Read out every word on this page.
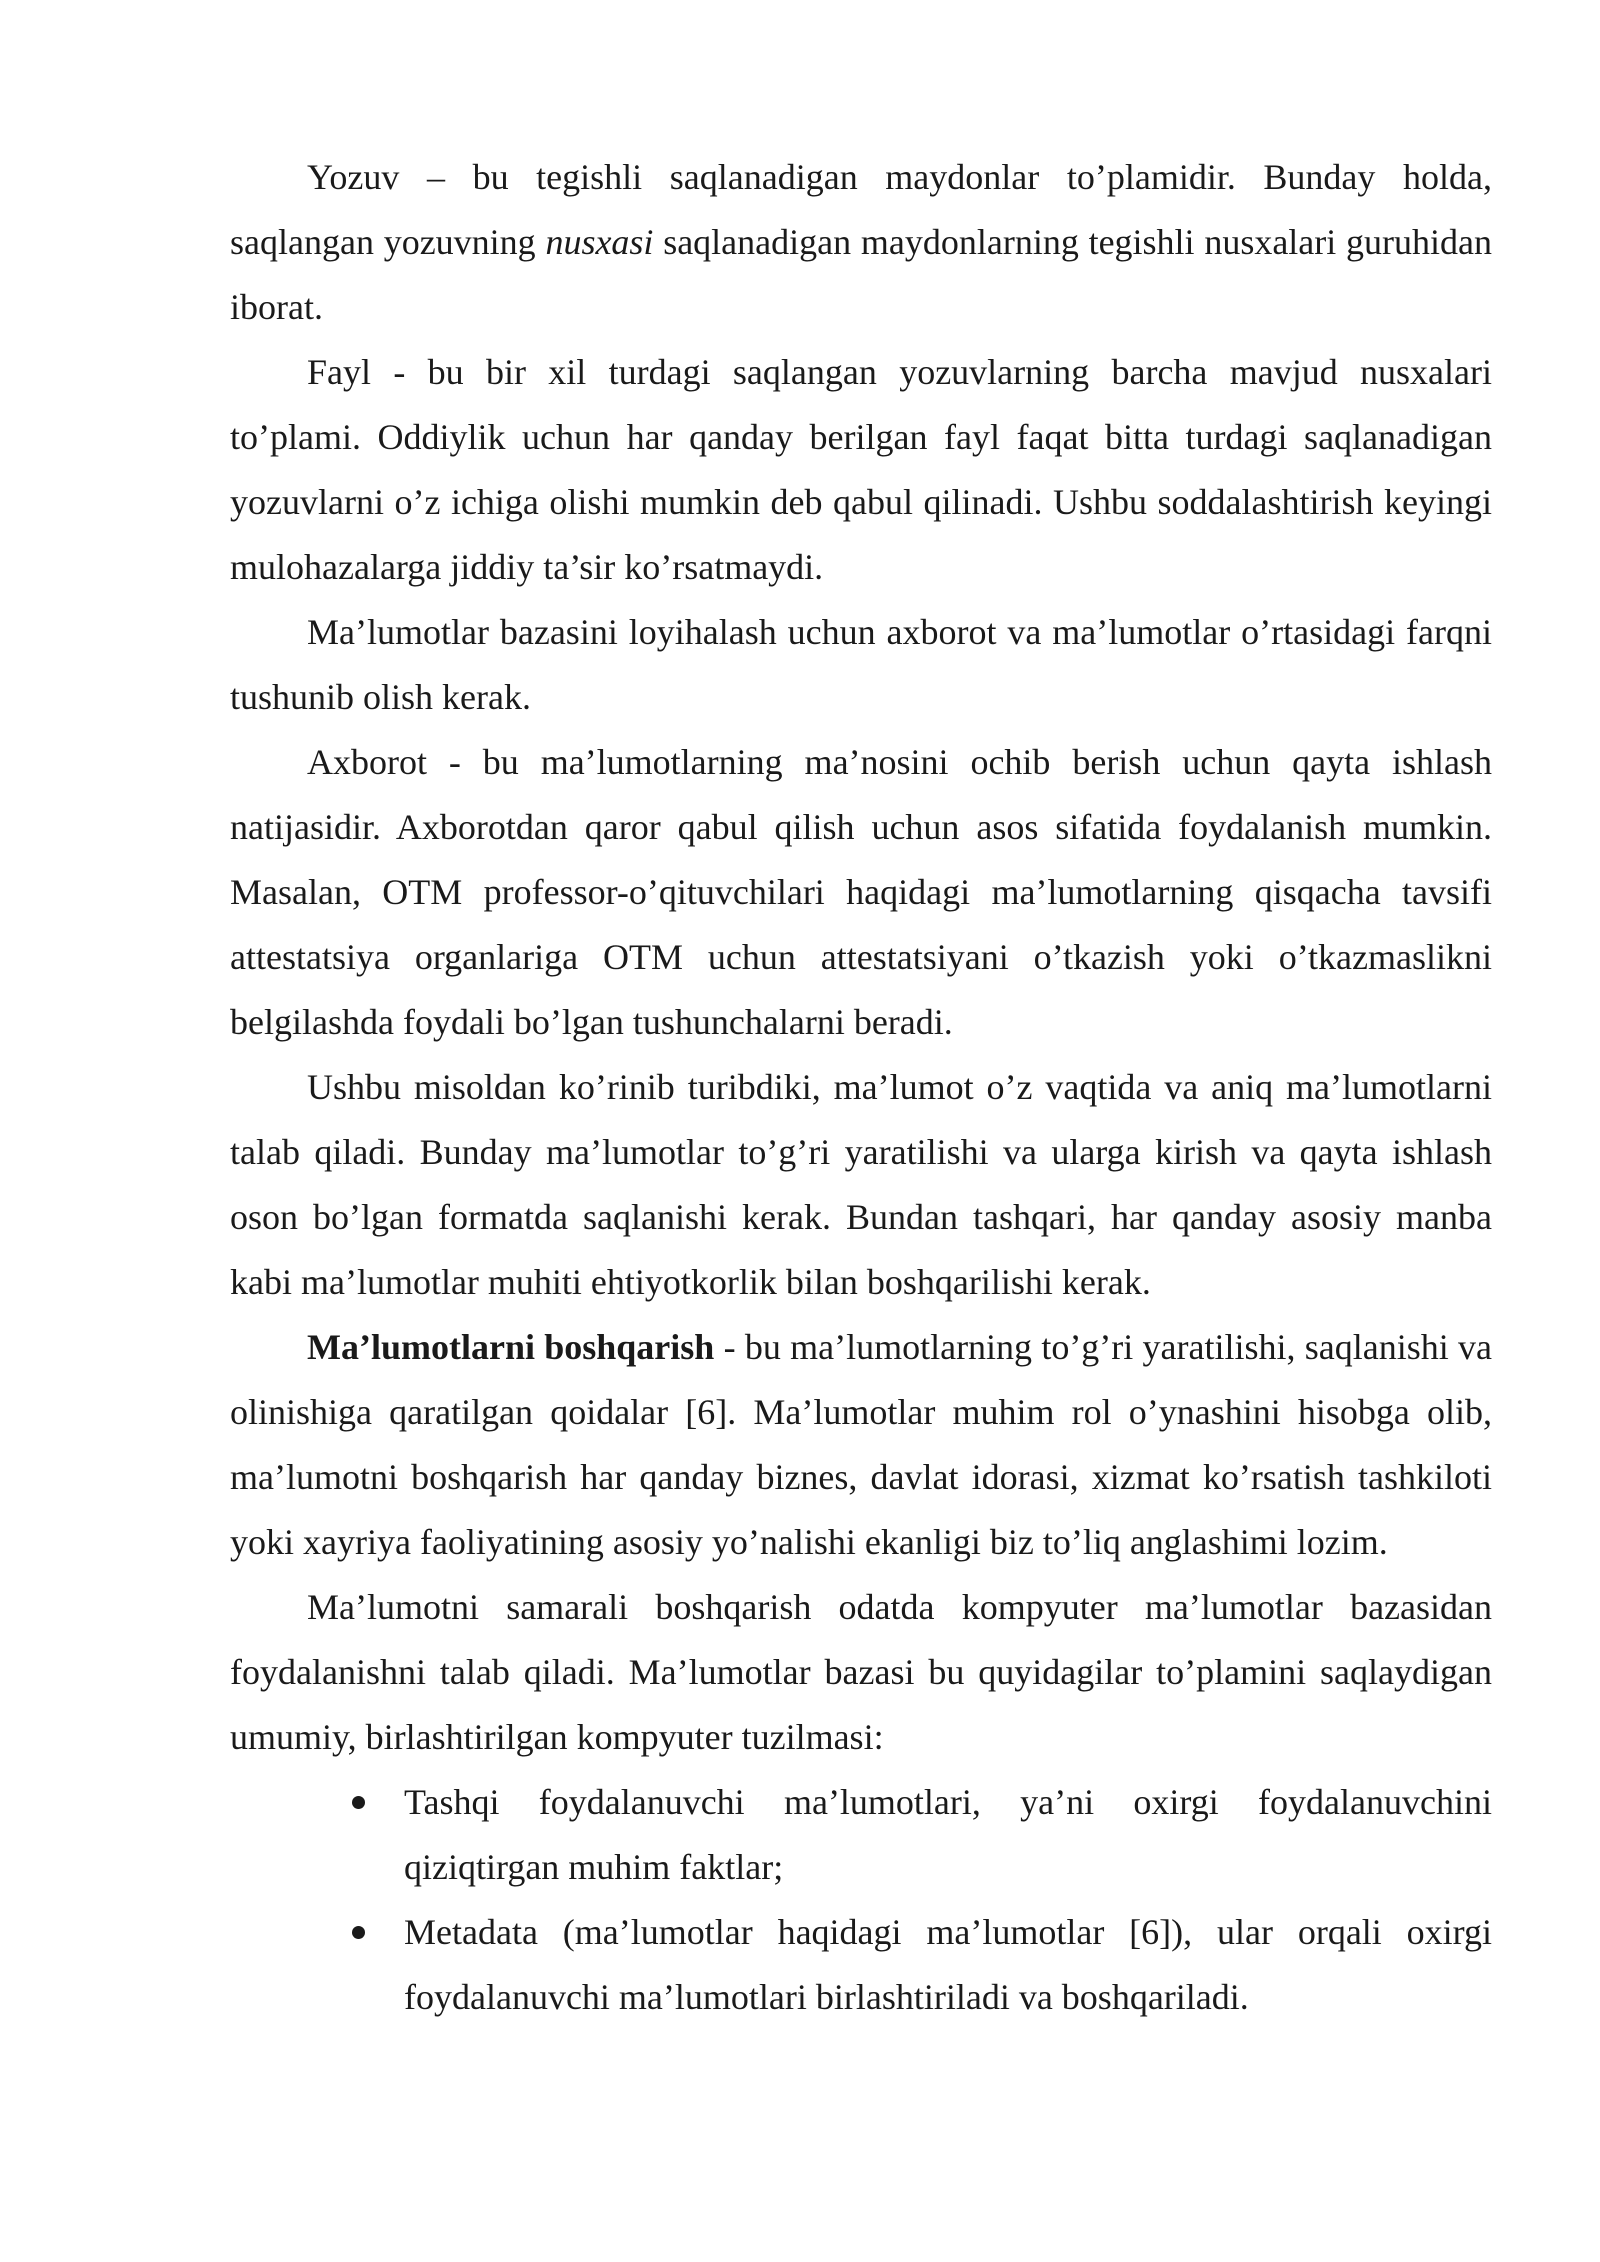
Yozuv – bu tegishli saqlanadigan maydonlar to’plamidir. Bunday holda, saqlangan yozuvning nusxasi saqlanadigan maydonlarning tegishli nusxalari guruhidan iborat.

Fayl - bu bir xil turdagi saqlangan yozuvlarning barcha mavjud nusxalari to’plami. Oddiylik uchun har qanday berilgan fayl faqat bitta turdagi saqlanadigan yozuvlarni o’z ichiga olishi mumkin deb qabul qilinadi. Ushbu soddalashtirish keyingi mulohazalarga jiddiy ta’sir ko’rsatmaydi.

Ma’lumotlar bazasini loyihalash uchun axborot va ma’lumotlar o’rtasidagi farqni tushunib olish kerak.

Axborot - bu ma’lumotlarning ma’nosini ochib berish uchun qayta ishlash natijasidir. Axborotdan qaror qabul qilish uchun asos sifatida foydalanish mumkin. Masalan, OTM professor-o’qituvchilari haqidagi ma’lumotlarning qisqacha tavsifi attestatsiya organlariga OTM uchun attestatsiyani o’tkazish yoki o’tkazmaslikni belgilashda foydali bo’lgan tushunchalarni beradi.

Ushbu misoldan ko’rinib turibdiki, ma’lumot o’z vaqtida va aniq ma’lumotlarni talab qiladi. Bunday ma’lumotlar to’g’ri yaratilishi va ularga kirish va qayta ishlash oson bo’lgan formatda saqlanishi kerak. Bundan tashqari, har qanday asosiy manba kabi ma’lumotlar muhiti ehtiyotkorlik bilan boshqarilishi kerak.

Ma’lumotlarni boshqarish - bu ma’lumotlarning to’g’ri yaratilishi, saqlanishi va olinishiga qaratilgan qoidalar [6]. Ma’lumotlar muhim rol o’ynashini hisobga olib, ma’lumotni boshqarish har qanday biznes, davlat idorasi, xizmat ko’rsatish tashkiloti yoki xayriya faoliyatining asosiy yo’nalishi ekanligi biz to’liq anglashimi lozim.

Ma’lumotni samarali boshqarish odatda kompyuter ma’lumotlar bazasidan foydalanishni talab qiladi. Ma’lumotlar bazasi bu quyidagilar to’plamini saqlaydigan umumiy, birlashtirilgan kompyuter tuzilmasi:

Tashqi foydalanuvchi ma’lumotlari, ya’ni oxirgi foydalanuvchini qiziqtirgan muhim faktlar;
Metadata (ma’lumotlar haqidagi ma’lumotlar [6]), ular orqali oxirgi foydalanuvchi ma’lumotlari birlashtiriladi va boshqariladi.
